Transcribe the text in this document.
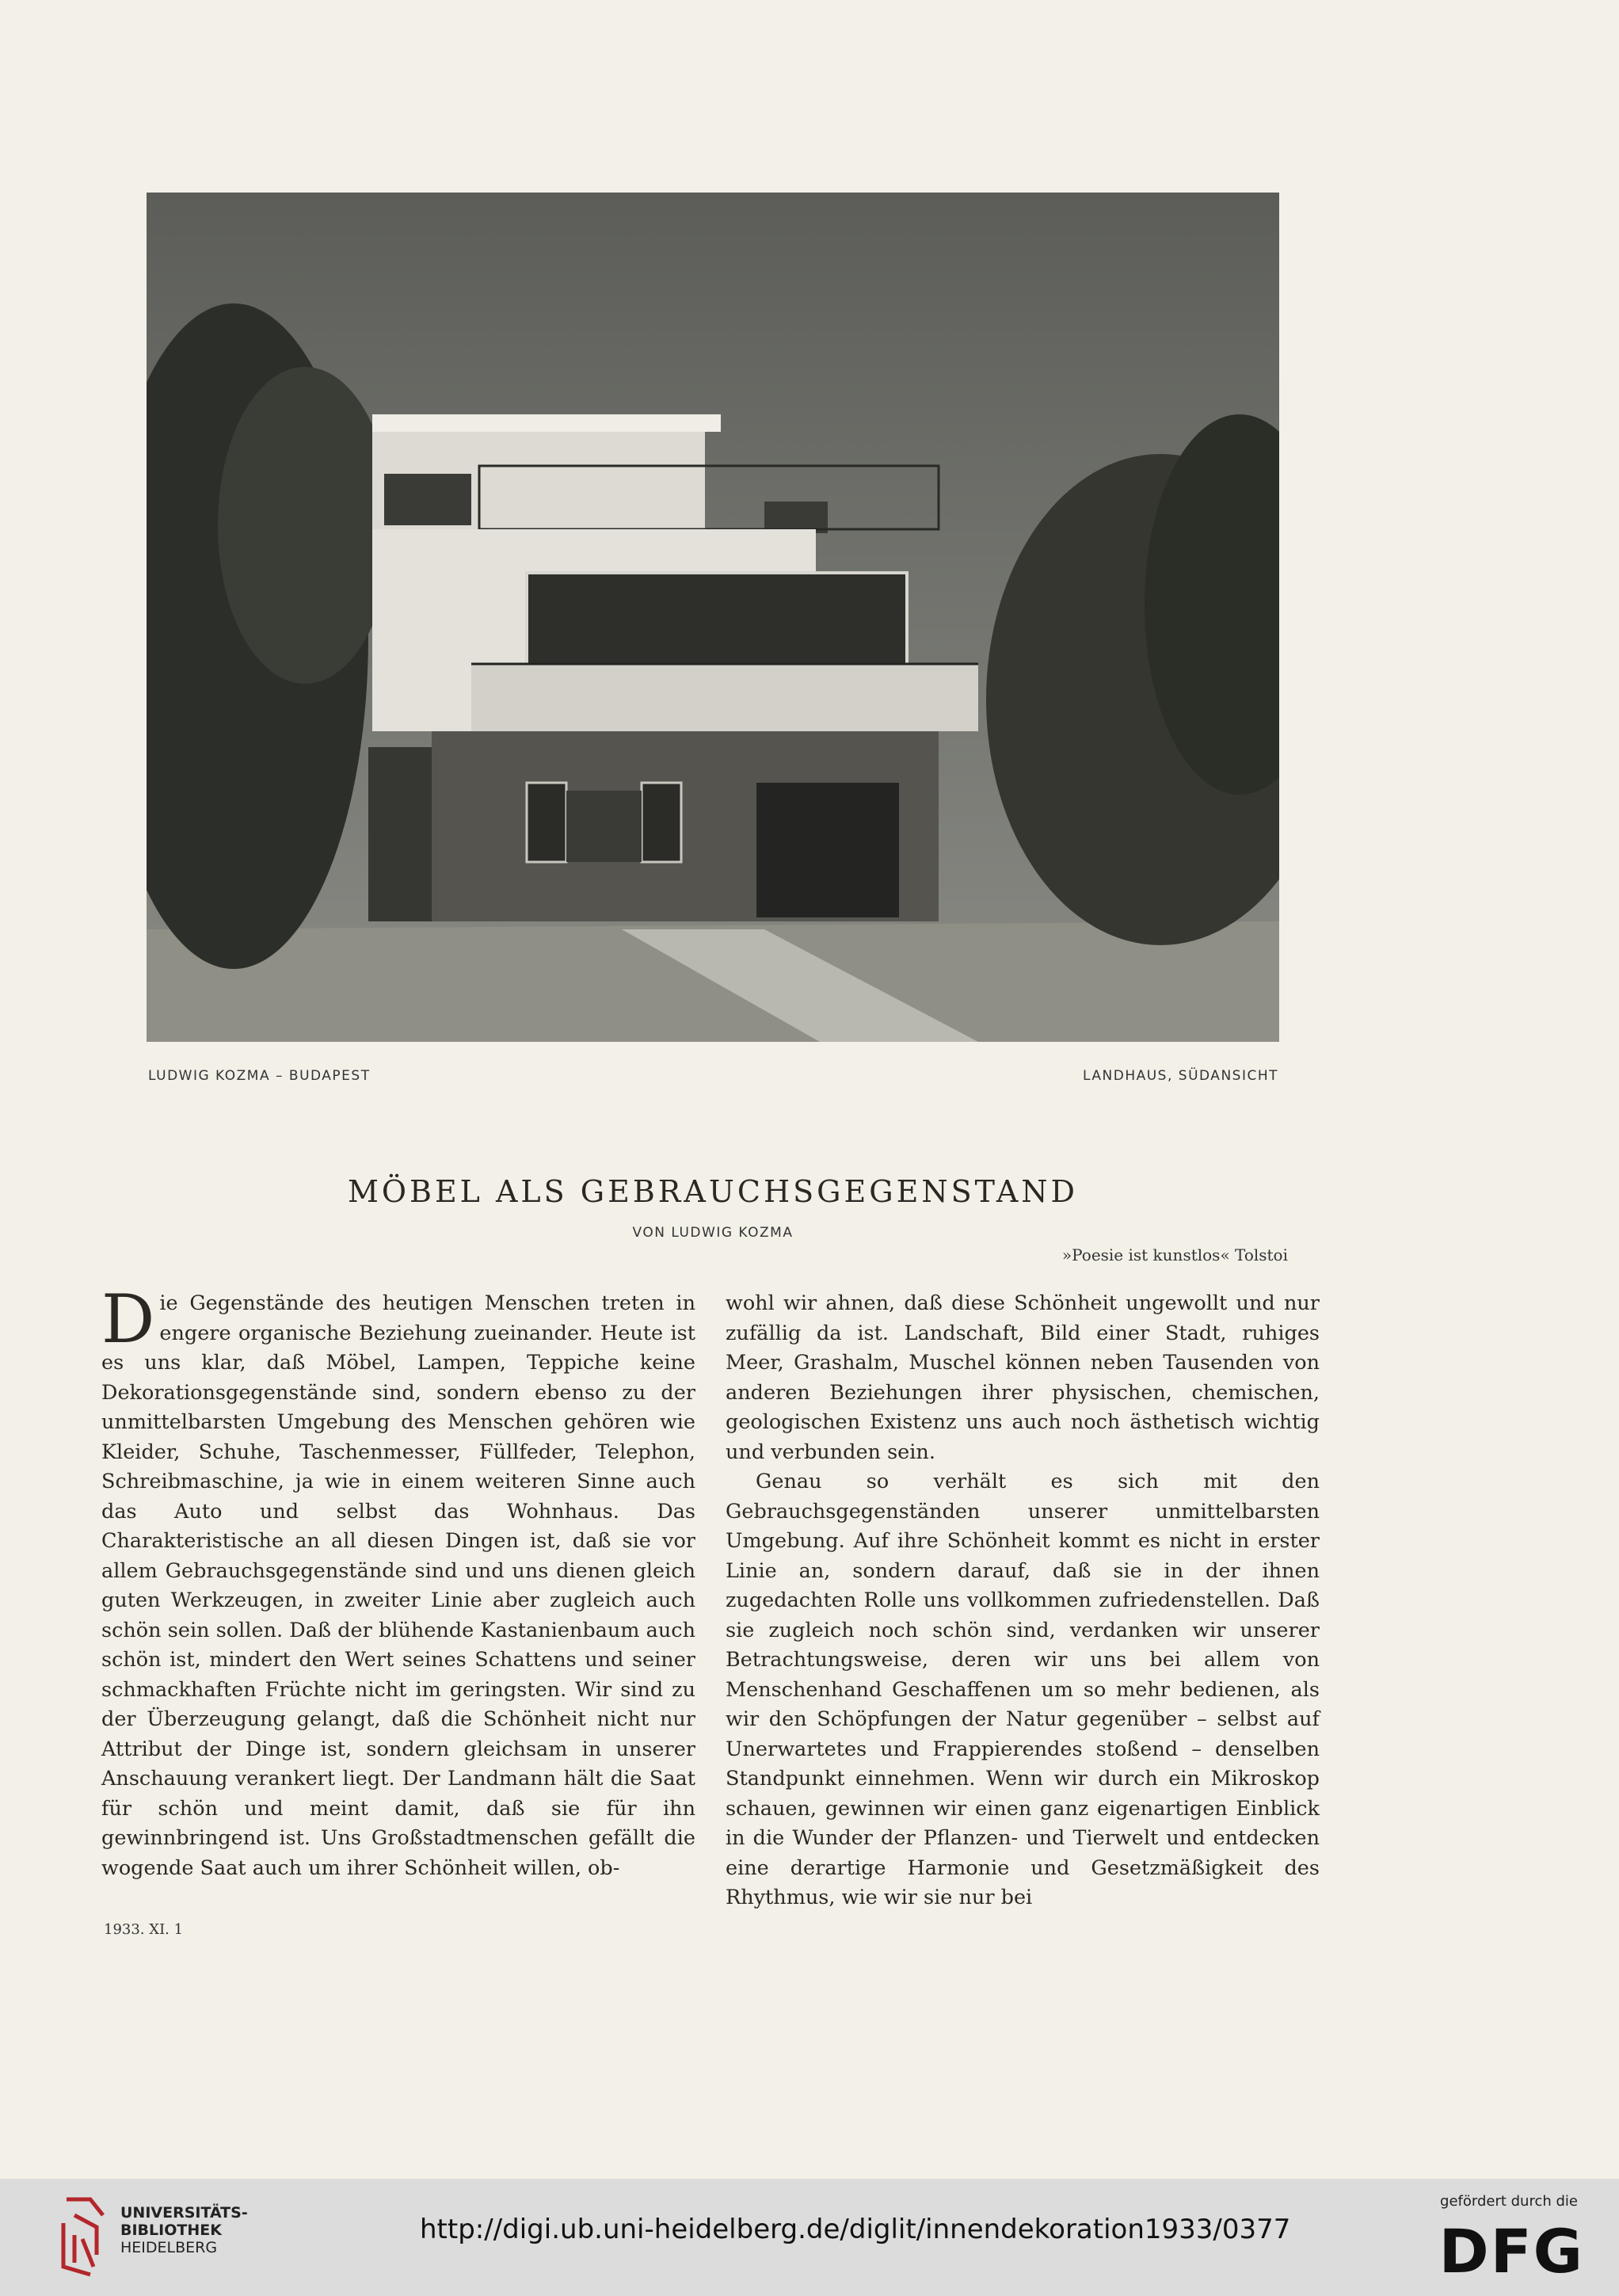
LUDWIG KOZMA – BUDAPEST	LANDHAUS, SÜDANSICHT
MÖBEL ALS GEBRAUCHSGEGENSTAND
VON LUDWIG KOZMA
»Poesie ist kunstlos« Tolstoi

Die Gegenstände des heutigen Menschen treten in engere organische Beziehung zueinander. Heute ist es uns klar, daß Möbel, Lampen, Teppiche keine Dekorationsgegenstände sind, sondern ebenso zu der unmittelbarsten Umgebung des Menschen gehören wie Kleider, Schuhe, Taschenmesser, Füllfeder, Telephon, Schreibmaschine, ja wie in einem weiteren Sinne auch das Auto und selbst das Wohnhaus. Das Charakteristische an all diesen Dingen ist, daß sie vor allem Gebrauchsgegenstände sind und uns dienen gleich guten Werkzeugen, in zweiter Linie aber zugleich auch schön sein sollen. Daß der blühende Kastanienbaum auch schön ist, mindert den Wert seines Schattens und seiner schmackhaften Früchte nicht im geringsten. Wir sind zu der Überzeugung gelangt, daß die Schönheit nicht nur Attribut der Dinge ist, sondern gleichsam in unserer Anschauung verankert liegt. Der Landmann hält die Saat für schön und meint damit, daß sie für ihn gewinnbringend ist. Uns Großstadtmenschen gefällt die wogende Saat auch um ihrer Schönheit willen, ob-

wohl wir ahnen, daß diese Schönheit ungewollt und nur zufällig da ist. Landschaft, Bild einer Stadt, ruhiges Meer, Grashalm, Muschel können neben Tausenden von anderen Beziehungen ihrer physischen, chemischen, geologischen Existenz uns auch noch ästhetisch wichtig und verbunden sein.

Genau so verhält es sich mit den Gebrauchsgegenständen unserer unmittelbarsten Umgebung. Auf ihre Schönheit kommt es nicht in erster Linie an, sondern darauf, daß sie in der ihnen zugedachten Rolle uns vollkommen zufriedenstellen. Daß sie zugleich noch schön sind, verdanken wir unserer Betrachtungsweise, deren wir uns bei allem von Menschenhand Geschaffenen um so mehr bedienen, als wir den Schöpfungen der Natur gegenüber – selbst auf Unerwartetes und Frappierendes stoßend – denselben Standpunkt einnehmen. Wenn wir durch ein Mikroskop schauen, gewinnen wir einen ganz eigenartigen Einblick in die Wunder der Pflanzen- und Tierwelt und entdecken eine derartige Harmonie und Gesetzmäßigkeit des Rhythmus, wie wir sie nur bei

1933. XI. 1
UNIVERSITÄTS-
BIBLIOTHEK
HEIDELBERG
http://digi.ub.uni-heidelberg.de/diglit/innendekoration1933/0377
gefördert durch die
DFG
